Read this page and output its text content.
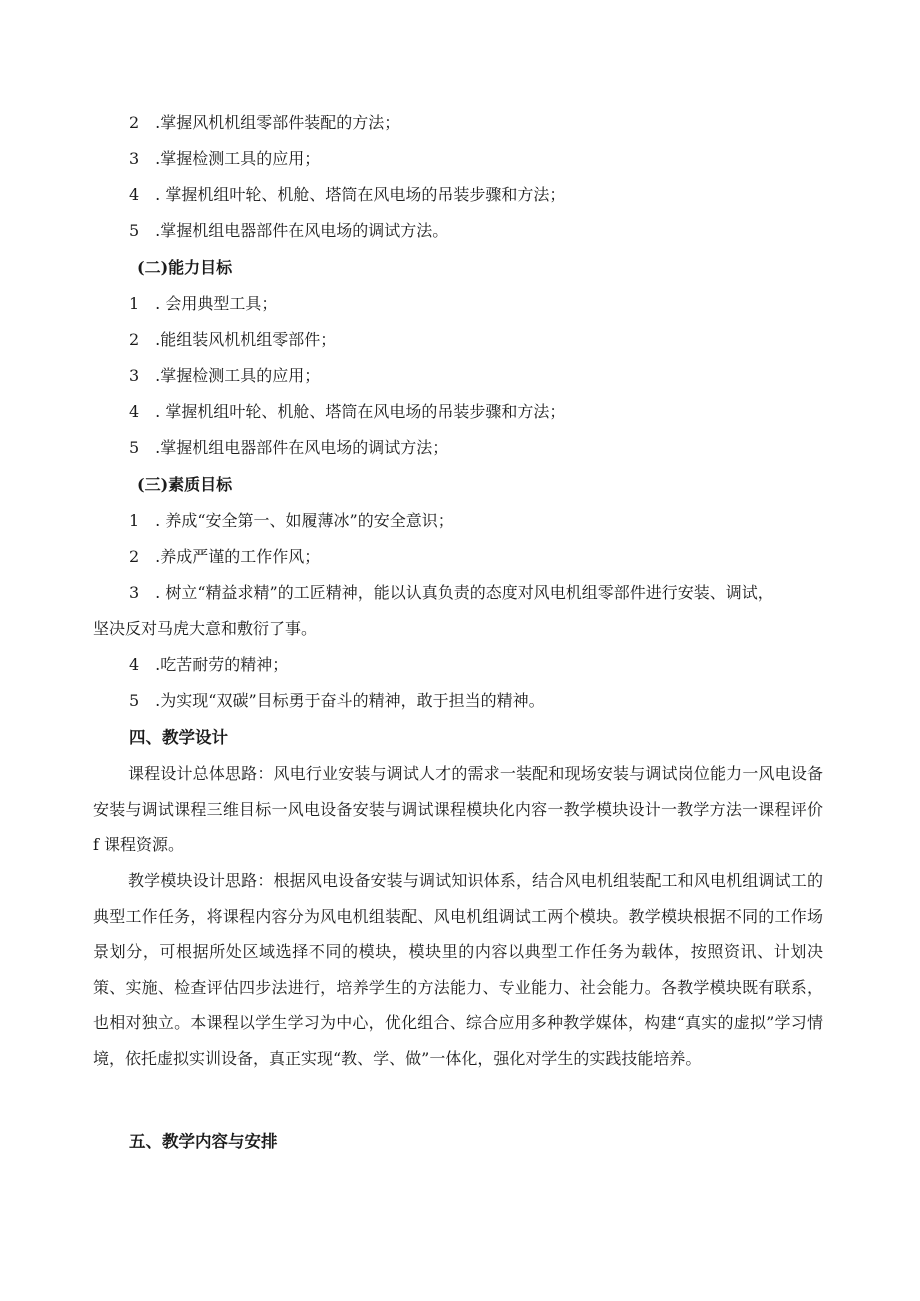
2　.掌握风机机组零部件装配的方法；
3　.掌握检测工具的应用；
4　. 掌握机组叶轮、机舱、塔筒在风电场的吊装步骤和方法；
5　.掌握机组电器部件在风电场的调试方法。
(二)能力目标
1　. 会用典型工具；
2　.能组装风机机组零部件；
3　.掌握检测工具的应用；
4　. 掌握机组叶轮、机舱、塔筒在风电场的吊装步骤和方法；
5　.掌握机组电器部件在风电场的调试方法；
(三)素质目标
1　. 养成“安全第一、如履薄冰”的安全意识；
2　.养成严谨的工作作风；
3　. 树立“精益求精”的工匠精神，能以认真负责的态度对风电机组零部件进行安装、调试，
坚决反对马虎大意和敷衍了事。
4　.吃苦耐劳的精神；
5　.为实现“双碳”目标勇于奋斗的精神，敢于担当的精神。
四、教学设计
课程设计总体思路：风电行业安装与调试人才的需求一装配和现场安装与调试岗位能力一风电设备安装与调试课程三维目标一风电设备安装与调试课程模块化内容一教学模块设计一教学方法一课程评价 f 课程资源。
教学模块设计思路：根据风电设备安装与调试知识体系，结合风电机组装配工和风电机组调试工的典型工作任务，将课程内容分为风电机组装配、风电机组调试工两个模块。教学模块根据不同的工作场景划分，可根据所处区域选择不同的模块，模块里的内容以典型工作任务为载体，按照资讯、计划决策、实施、检查评估四步法进行，培养学生的方法能力、专业能力、社会能力。各教学模块既有联系，也相对独立。本课程以学生学习为中心，优化组合、综合应用多种教学媒体，构建“真实的虚拟”学习情境，依托虚拟实训设备，真正实现“教、学、做”一体化，强化对学生的实践技能培养。
五、教学内容与安排
